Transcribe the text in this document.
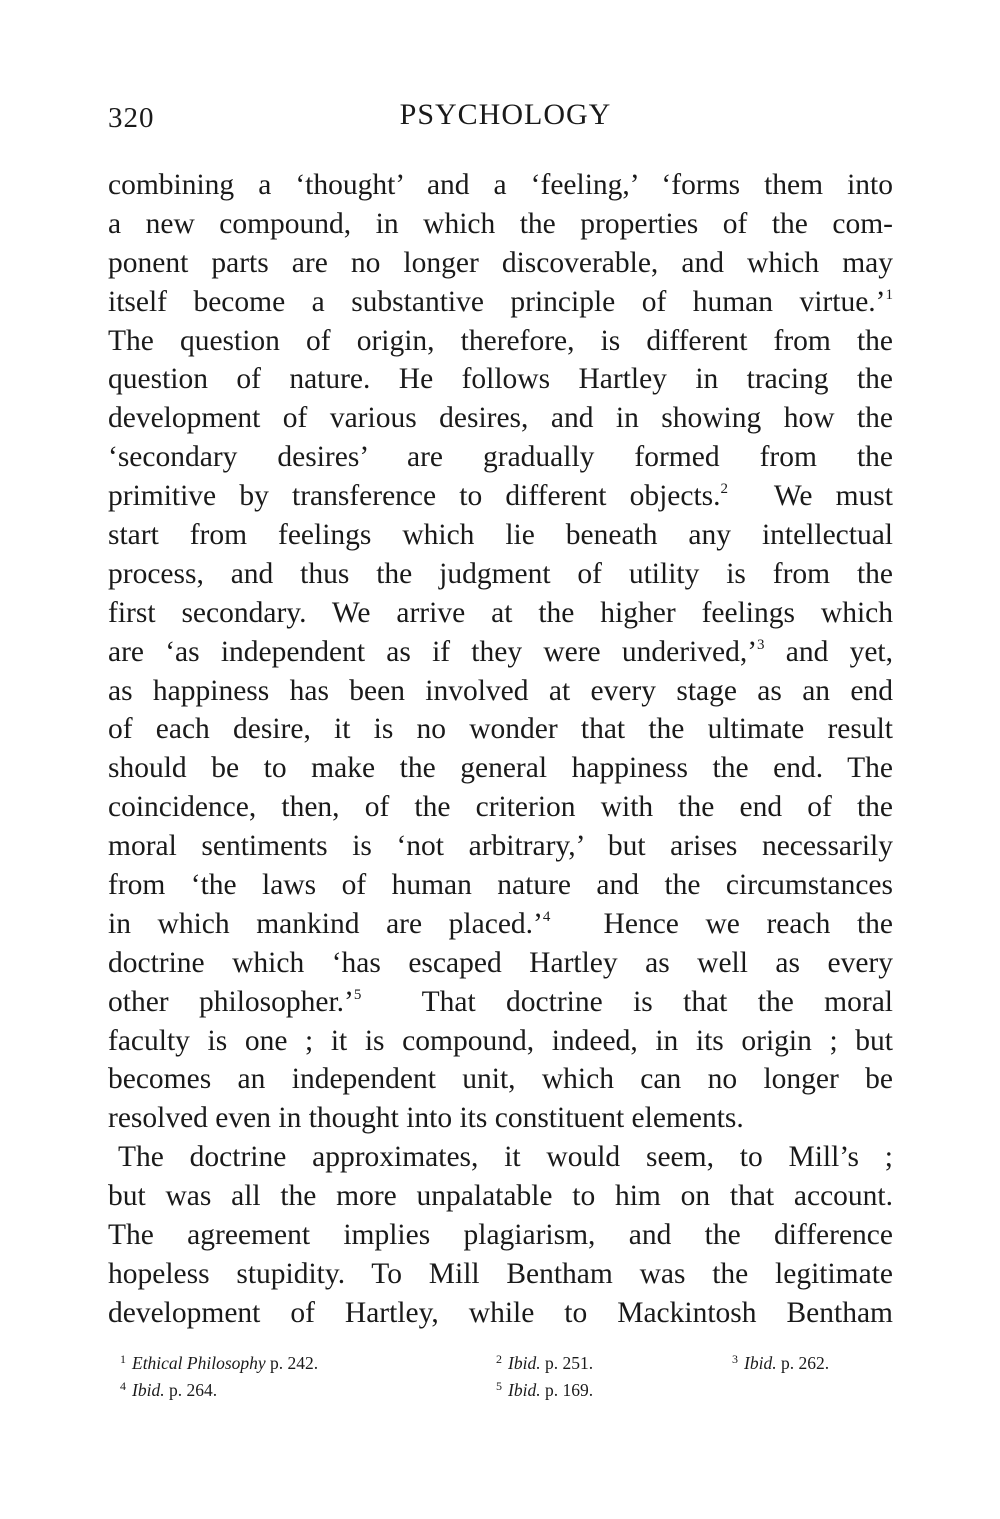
320	PSYCHOLOGY
combining a ‘thought’ and a ‘feeling,’ ‘forms them into
a new compound, in which the properties of the com-
ponent parts are no longer discoverable, and which may
itself become a substantive principle of human virtue.’$^1$
The question of origin, therefore, is different from the
question of nature. He follows Hartley in tracing the
development of various desires, and in showing how the
‘secondary desires’ are gradually formed from the
primitive by transference to different objects.$^2$  We must
start from feelings which lie beneath any intellectual
process, and thus the judgment of utility is from the
first secondary. We arrive at the higher feelings which
are ‘as independent as if they were underived,’$^3$ and yet,
as happiness has been involved at every stage as an end
of each desire, it is no wonder that the ultimate result
should be to make the general happiness the end. The
coincidence, then, of the criterion with the end of the
moral sentiments is ‘not arbitrary,’ but arises necessarily
from ‘the laws of human nature and the circumstances
in which mankind are placed.’$^4$  Hence we reach the
doctrine which ‘has escaped Hartley as well as every
other philosopher.’$^5$  That doctrine is that the moral
faculty is one ; it is compound, indeed, in its origin ; but
becomes an independent unit, which can no longer be
resolved even in thought into its constituent elements.
The doctrine approximates, it would seem, to Mill’s ;
but was all the more unpalatable to him on that account.
The agreement implies plagiarism, and the difference
hopeless stupidity. To Mill Bentham was the legitimate
development of Hartley, while to Mackintosh Bentham
$^1$ Ethical Philosophy p. 242.	$^2$ Ibid. p. 251.	$^3$ Ibid. p. 262.
$^4$ Ibid. p. 264.	$^5$ Ibid. p. 169.
